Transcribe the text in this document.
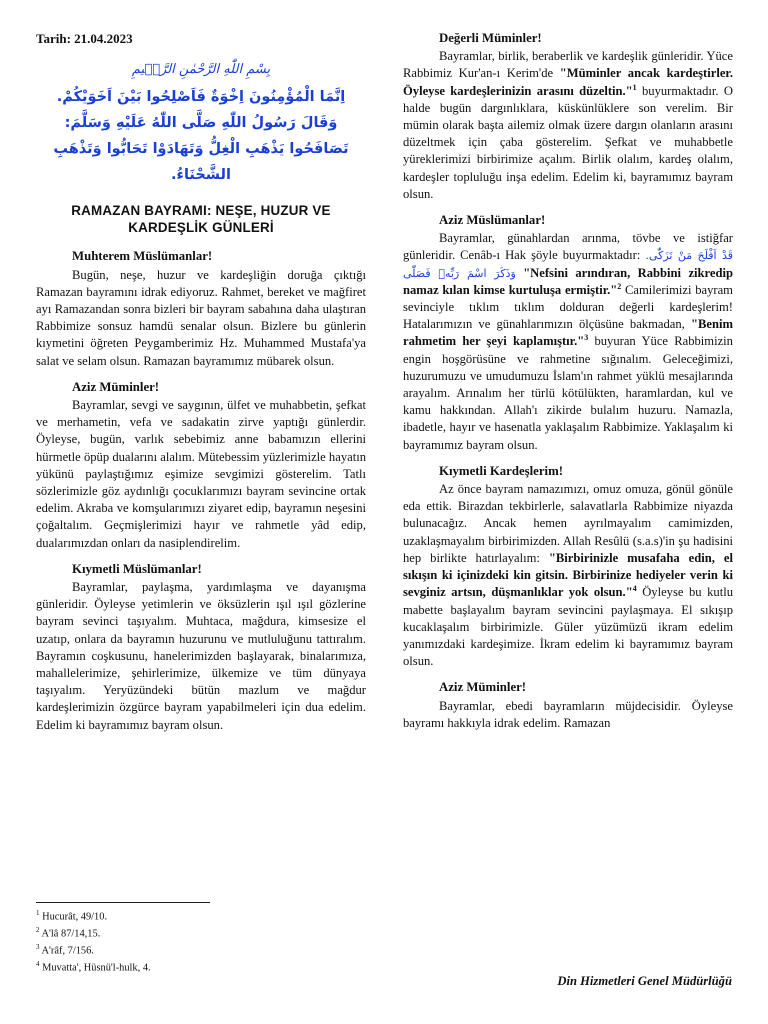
Tarih: 21.04.2023
بِسْمِ اللّٰهِ الرَّحْمٰنِ الرَّح۪يمِ
اِنَّمَا الْمُؤْمِنُونَ اِخْوَةٌ فَاَصْلِحُوا بَيْنَ اَخَوَيْكُمْ.
وَقَالَ رَسُولُ اللّٰهِ صَلَّى اللّٰهُ عَلَيْهِ وَسَلَّمَ:
تَصَافَحُوا يَذْهَبِ الْغِلُّ وَتَهَادَوْا تَحَابُّوا وَتَذْهَبِ الشَّحْنَاءُ.
RAMAZAN BAYRAMI: NEŞE, HUZUR VE KARDEŞLİK GÜNLERİ
Muhterem Müslümanlar!

Bugün, neşe, huzur ve kardeşliğin doruğa çıktığı Ramazan bayramını idrak ediyoruz. Rahmet, bereket ve mağfiret ayı Ramazandan sonra bizleri bir bayram sabahına daha ulaştıran Rabbimize sonsuz hamdü senalar olsun. Bizlere bu günlerin kıymetini öğreten Peygamberimiz Hz. Muhammed Mustafa'ya salat ve selam olsun. Ramazan bayramımız mübarek olsun.

Aziz Müminler!

Bayramlar, sevgi ve saygının, ülfet ve muhabbetin, şefkat ve merhametin, vefa ve sadakatin zirve yaptığı günlerdir. Öyleyse, bugün, varlık sebebimiz anne babamızın ellerini hürmetle öpüp dualarını alalım. Mütebessim yüzlerimizle hayatın yükünü paylaştığımız eşimize sevgimizi gösterelim. Tatlı sözlerimizle göz aydınlığı çocuklarımızı bayram sevincine ortak edelim. Akraba ve komşularımızı ziyaret edip, bayramın neşesini çoğaltalım. Geçmişlerimizi hayır ve rahmetle yâd edip, dualarımızdan onları da nasiplendirelim.

Kıymetli Müslümanlar!

Bayramlar, paylaşma, yardımlaşma ve dayanışma günleridir. Öyleyse yetimlerin ve öksüzlerin ışıl ışıl gözlerine bayram sevinci taşıyalım. Muhtaca, mağdura, kimsesize el uzatıp, onlara da bayramın huzurunu ve mutluluğunu tattıralım. Bayramın coşkusunu, hanelerimizden başlayarak, binalarımıza, mahallelerimize, şehirlerimize, ülkemize ve tüm dünyaya taşıyalım. Yeryüzündeki bütün mazlum ve mağdur kardeşlerimizin özgürce bayram yapabilmeleri için dua edelim. Edelim ki bayramımız bayram olsun.

Değerli Müminler!

Bayramlar, birlik, beraberlik ve kardeşlik günleridir. Yüce Rabbimiz Kur'an-ı Kerim'de "Müminler ancak kardeştirler. Öyleyse kardeşlerinizin arasını düzeltin."$^1$ buyurmaktadır. O halde bugün dargınlıklara, küskünlüklere son verelim. Bir mümin olarak başta ailemiz olmak üzere dargın olanların arasını düzeltmek için çaba gösterelim. Şefkat ve muhabbetle yüreklerimizi birbirimize açalım. Birlik olalım, kardeş olalım, kardeşler topluluğu inşa edelim. Edelim ki, bayramımız bayram olsun.

Aziz Müslümanlar!

Bayramlar, günahlardan arınma, tövbe ve istiğfar günleridir. Cenâb-ı Hak şöyle buyurmaktadır: قَدْ اَفْلَحَ مَنْ تَزَكّٰى. وَذَكَرَ اسْمَ رَبِّه۪ فَصَلّٰى "Nefsini arındıran, Rabbini zikredip namaz kılan kimse kurtuluşa ermiştir."$^2$ Camilerimizi bayram sevinciyle tıklım tıklım dolduran değerli kardeşlerim! Hatalarımızın ve günahlarımızın ölçüsüne bakmadan, "Benim rahmetim her şeyi kaplamıştır."$^3$ buyuran Yüce Rabbimizin engin hoşgörüsüne ve rahmetine sığınalım. Geleceğimizi, huzurumuzu ve umudumuzu İslam'ın rahmet yüklü mesajlarında arayalım. Arınalım her türlü kötülükten, haramlardan, kul ve kamu hakkından. Allah'ı zikirde bulalım huzuru. Namazla, ibadetle, hayır ve hasenatla yaklaşalım Rabbimize. Yaklaşalım ki bayramımız bayram olsun.

Kıymetli Kardeşlerim!

Az önce bayram namazımızı, omuz omuza, gönül gönüle eda ettik. Birazdan tekbirlerle, salavatlarla Rabbimize niyazda bulunacağız. Ancak hemen ayrılmayalım camimizden, uzaklaşmayalım birbirimizden. Allah Resûlü (s.a.s)'in şu hadisini hep birlikte hatırlayalım: "Birbirinizle musafaha edin, el sıkışın ki içinizdeki kin gitsin. Birbirinize hediyeler verin ki sevginiz artsın, düşmanlıklar yok olsun."$^4$ Öyleyse bu kutlu mabette başlayalım bayram sevincini paylaşmaya. El sıkışıp kucaklaşalım birbirimizle. Güler yüzümüzü ikram edelim yanımızdaki kardeşimize. İkram edelim ki bayramımız bayram olsun.

Aziz Müminler!

Bayramlar, ebedi bayramların müjdecisidir. Öyleyse bayramı hakkıyla idrak edelim. Ramazan

$^1$ Hucurât, 49/10.
$^2$ A'lâ 87/14,15.
$^3$ A'râf, 7/156.
$^4$ Muvatta', Hüsnü'l-hulk, 4.
Din Hizmetleri Genel Müdürlüğü
